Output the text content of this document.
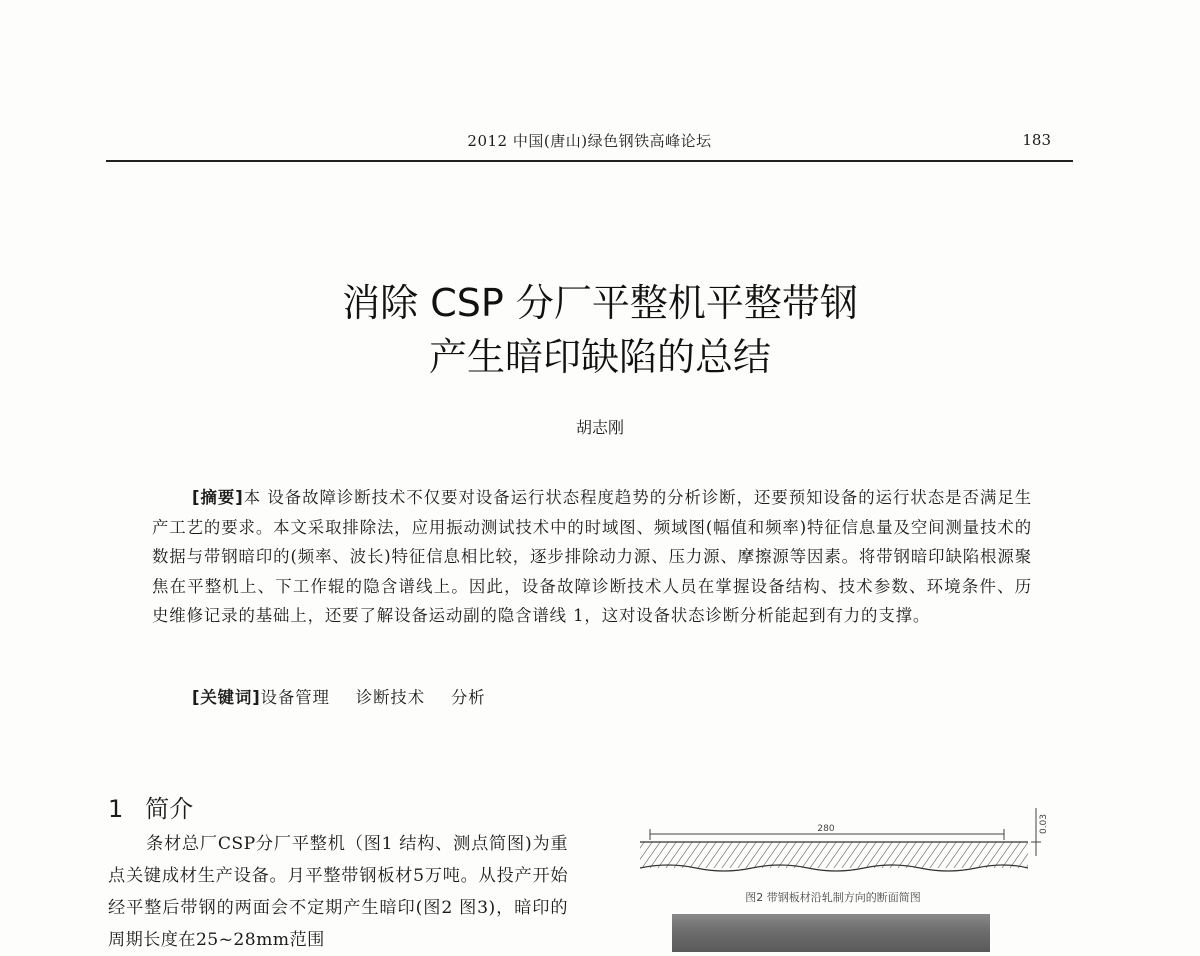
2012 中国(唐山)绿色钢铁高峰论坛	183
消除 CSP 分厂平整机平整带钢
产生暗印缺陷的总结
胡志刚

[摘要]本 设备故障诊断技术不仅要对设备运行状态程度趋势的分析诊断，还要预知设备的运行状态是否满足生产工艺的要求。本文采取排除法，应用振动测试技术中的时域图、频域图(幅值和频率)特征信息量及空间测量技术的数据与带钢暗印的(频率、波长)特征信息相比较，逐步排除动力源、压力源、摩擦源等因素。将带钢暗印缺陷根源聚焦在平整机上、下工作辊的隐含谱线上。因此，设备故障诊断技术人员在掌握设备结构、技术参数、环境条件、历史维修记录的基础上，还要了解设备运动副的隐含谱线 1，这对设备状态诊断分析能起到有力的支撑。

[关键词]设备管理 诊断技术 分析
1 简介

条材总厂CSP分厂平整机（图1 结构、测点简图)为重点关键成材生产设备。月平整带钢板材5万吨。从投产开始经平整后带钢的两面会不定期产生暗印(图2 图3)，暗印的周期长度在25~28mm范围

280	0.03
图2 带钢板材沿轧制方向的断面简图
